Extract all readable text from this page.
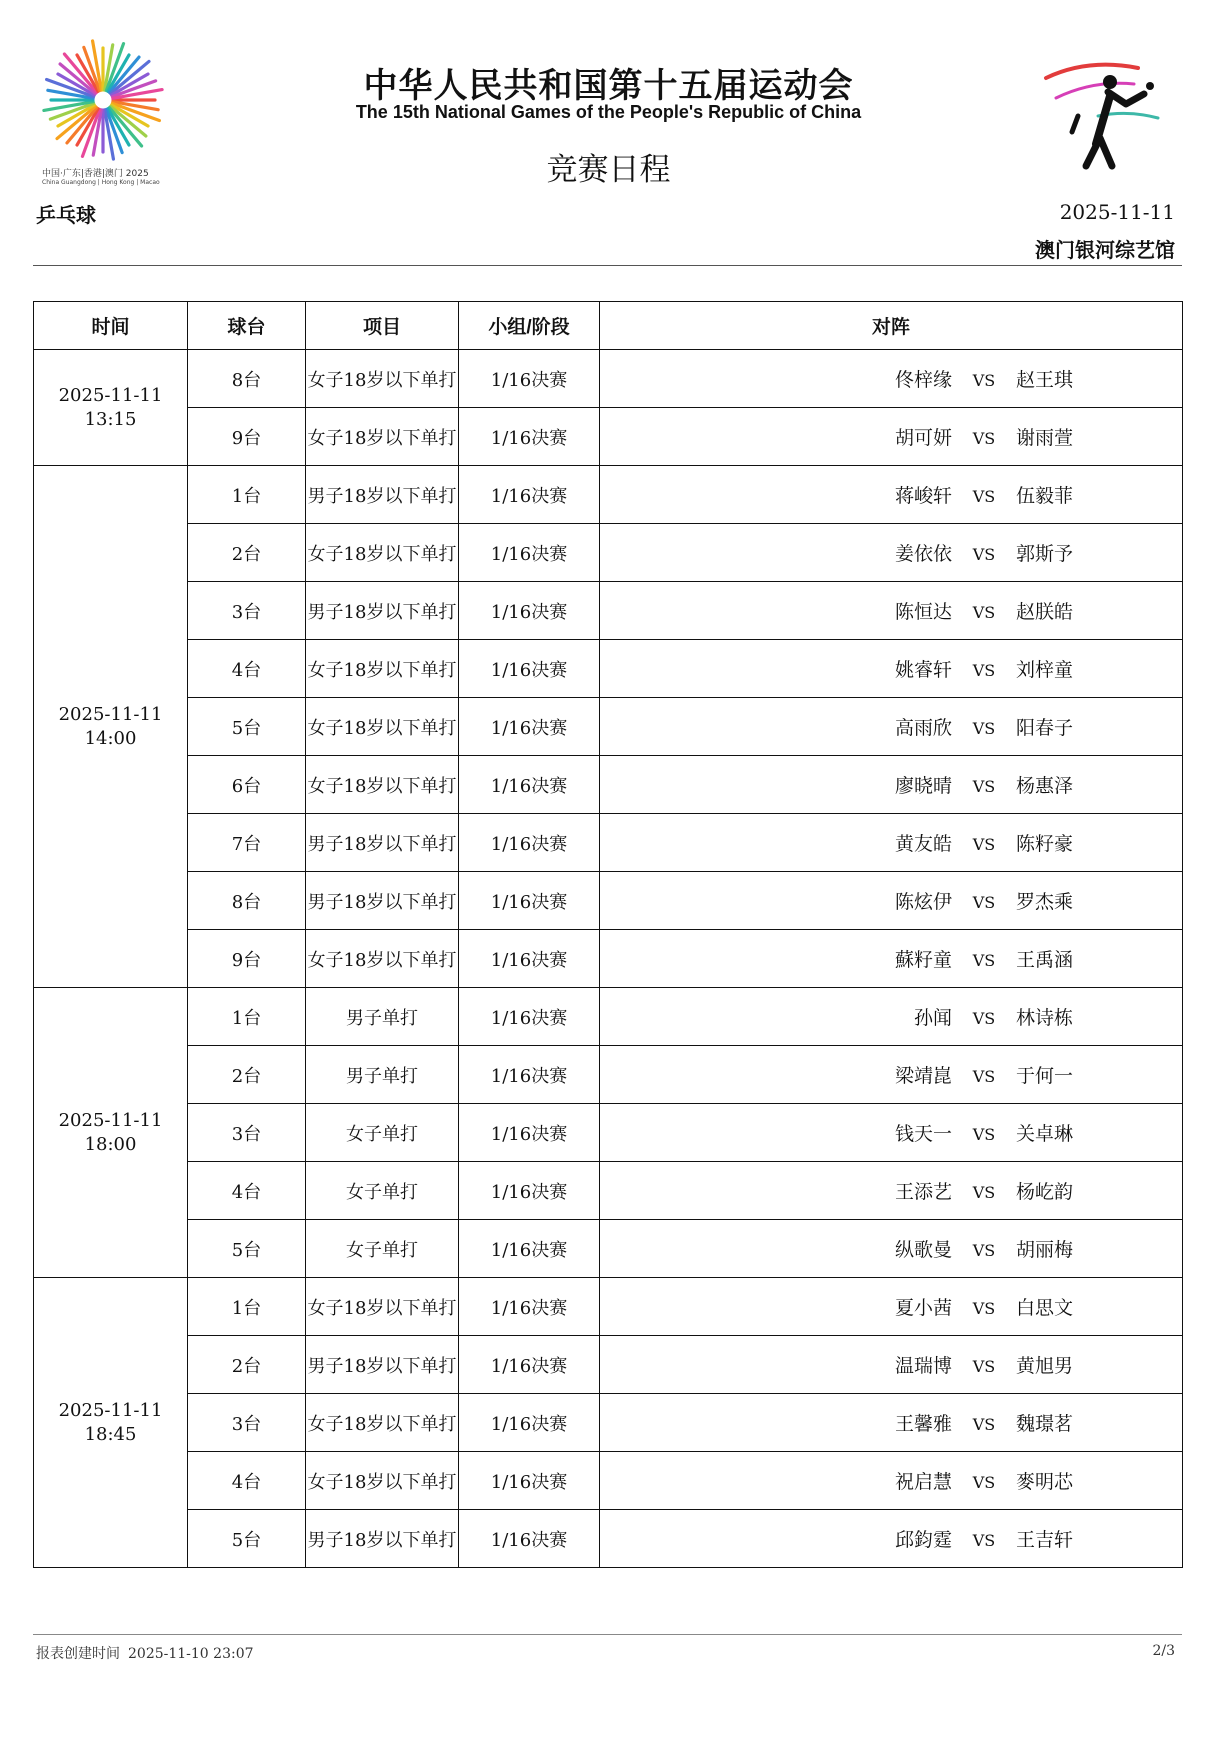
中国·广东|香港|澳门 2025
China Guangdong | Hong Kong | Macao
中华人民共和国第十五届运动会
The 15th National Games of the People's Republic of China
竞赛日程
乒乓球	2025-11-11
澳门银河综艺馆
时间	球台	项目	小组/阶段	对阵

2025-11-11
13:15	8台	女子18岁以下单打	1/16决赛	佟梓缘 VS 赵王琪
	9台	女子18岁以下单打	1/16决赛	胡可妍 VS 谢雨萱

2025-11-11
14:00	1台	男子18岁以下单打	1/16决赛	蒋峻轩 VS 伍毅菲
	2台	女子18岁以下单打	1/16决赛	姜依依 VS 郭斯予
	3台	男子18岁以下单打	1/16决赛	陈恒达 VS 赵朕皓
	4台	女子18岁以下单打	1/16决赛	姚睿轩 VS 刘梓童
	5台	女子18岁以下单打	1/16决赛	高雨欣 VS 阳春子
	6台	女子18岁以下单打	1/16决赛	廖晓晴 VS 杨惠泽
	7台	男子18岁以下单打	1/16决赛	黄友皓 VS 陈籽豪
	8台	男子18岁以下单打	1/16决赛	陈炫伊 VS 罗杰乘
	9台	女子18岁以下单打	1/16决赛	蘇籽童 VS 王禹涵

2025-11-11
18:00	1台	男子单打	1/16决赛	孙闻 VS 林诗栋
	2台	男子单打	1/16决赛	梁靖崑 VS 于何一
	3台	女子单打	1/16决赛	钱天一 VS 关卓琳
	4台	女子单打	1/16决赛	王添艺 VS 杨屹韵
	5台	女子单打	1/16决赛	纵歌曼 VS 胡丽梅

2025-11-11
18:45	1台	女子18岁以下单打	1/16决赛	夏小茜 VS 白思文
	2台	男子18岁以下单打	1/16决赛	温瑞博 VS 黄旭男
	3台	女子18岁以下单打	1/16决赛	王馨雅 VS 魏璟茗
	4台	女子18岁以下单打	1/16决赛	祝启慧 VS 麥明芯
	5台	男子18岁以下单打	1/16决赛	邱鈞霆 VS 王吉轩
报表创建时间 2025-11-10 23:07	2/3
